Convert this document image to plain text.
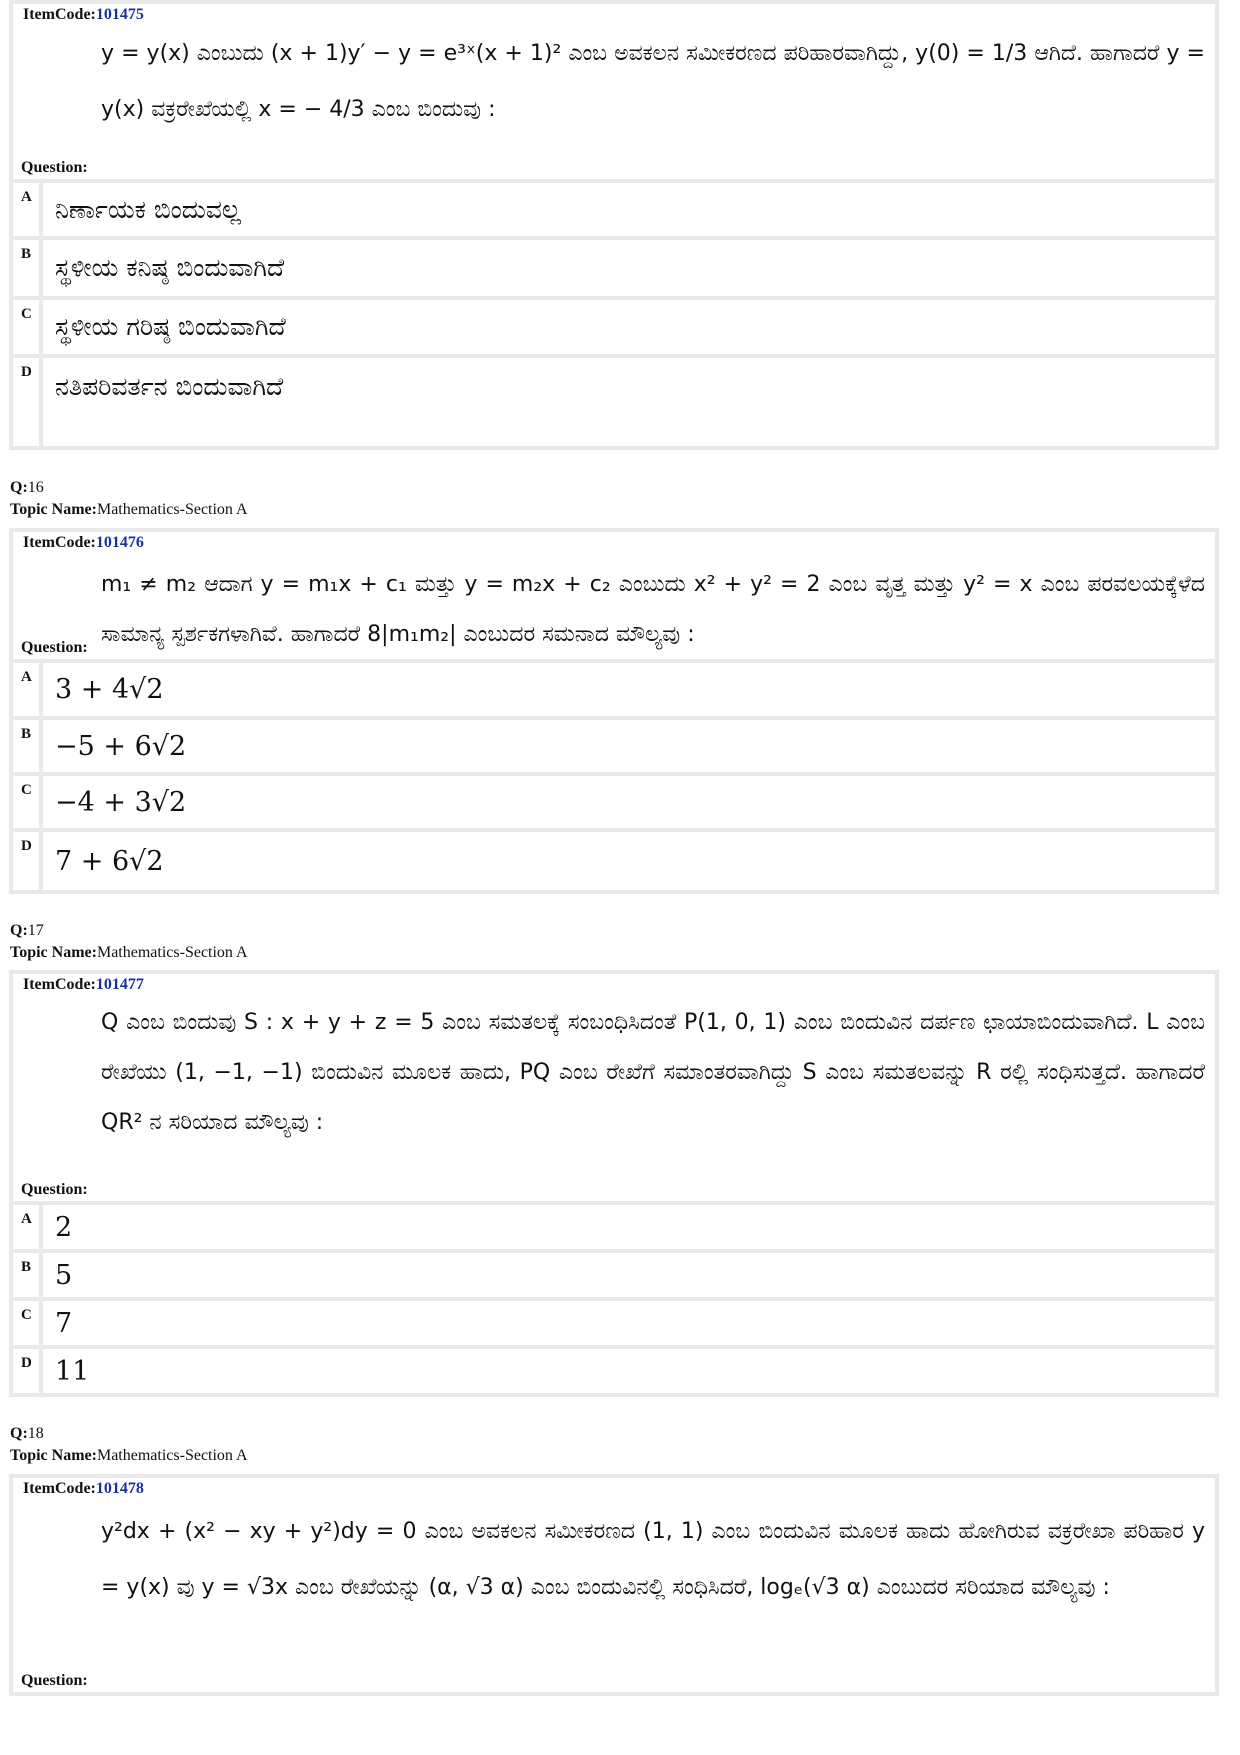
ItemCode:101475
y = y(x) ಎಂಬುದು (x + 1)y′ − y = e³ˣ(x + 1)² ಎಂಬ ಅವಕಲನ ಸಮೀಕರಣದ ಪರಿಹಾರವಾಗಿದ್ದು, y(0) = 1/3 ಆಗಿದೆ. ಹಾಗಾದರೆ y = y(x) ವಕ್ರರೇಖೆಯಲ್ಲಿ x = − 4/3 ಎಂಬ ಬಿಂದುವು :
Question:
A ನಿರ್ಣಾಯಕ ಬಿಂದುವಲ್ಲ
B ಸ್ಥಳೀಯ ಕನಿಷ್ಠ ಬಿಂದುವಾಗಿದೆ
C ಸ್ಥಳೀಯ ಗರಿಷ್ಠ ಬಿಂದುವಾಗಿದೆ
D ನತಿಪರಿವರ್ತನ ಬಿಂದುವಾಗಿದೆ
Q:16
Topic Name:Mathematics-Section A
ItemCode:101476
m₁ ≠ m₂ ಆದಾಗ y = m₁x + c₁ ಮತ್ತು y = m₂x + c₂ ಎಂಬುದು x² + y² = 2 ಎಂಬ ವೃತ್ತ ಮತ್ತು y² = x ಎಂಬ ಪರವಲಯಕ್ಕೆಳೆದ ಸಾಮಾನ್ಯ ಸ್ಪರ್ಶಕಗಳಾಗಿವೆ. ಹಾಗಾದರೆ 8|m₁m₂| ಎಂಬುದರ ಸಮನಾದ ಮೌಲ್ಯವು :
Question:
A 3 + 4√2
B −5 + 6√2
C −4 + 3√2
D 7 + 6√2
Q:17
Topic Name:Mathematics-Section A
ItemCode:101477
Q ಎಂಬ ಬಿಂದುವು S : x + y + z = 5 ಎಂಬ ಸಮತಲಕ್ಕೆ ಸಂಬಂಧಿಸಿದಂತೆ P(1, 0, 1) ಎಂಬ ಬಿಂದುವಿನ ದರ್ಪಣ ಛಾಯಾಬಿಂದುವಾಗಿದೆ. L ಎಂಬ ರೇಖೆಯು (1, −1, −1) ಬಿಂದುವಿನ ಮೂಲಕ ಹಾದು, PQ ಎಂಬ ರೇಖೆಗೆ ಸಮಾಂತರವಾಗಿದ್ದು S ಎಂಬ ಸಮತಲವನ್ನು R ರಲ್ಲಿ ಸಂಧಿಸುತ್ತದೆ. ಹಾಗಾದರೆ QR² ನ ಸರಿಯಾದ ಮೌಲ್ಯವು :
Question:
A 2
B 5
C 7
D 11
Q:18
Topic Name:Mathematics-Section A
ItemCode:101478
y²dx + (x² − xy + y²)dy = 0 ಎಂಬ ಅವಕಲನ ಸಮೀಕರಣದ (1, 1) ಎಂಬ ಬಿಂದುವಿನ ಮೂಲಕ ಹಾದು ಹೋಗಿರುವ ವಕ್ರರೇಖಾ ಪರಿಹಾರ y = y(x) ವು y = √3x ಎಂಬ ರೇಖೆಯನ್ನು (α, √3 α) ಎಂಬ ಬಿಂದುವಿನಲ್ಲಿ ಸಂಧಿಸಿದರೆ, logₑ(√3 α) ಎಂಬುದರ ಸರಿಯಾದ ಮೌಲ್ಯವು :
Question:
